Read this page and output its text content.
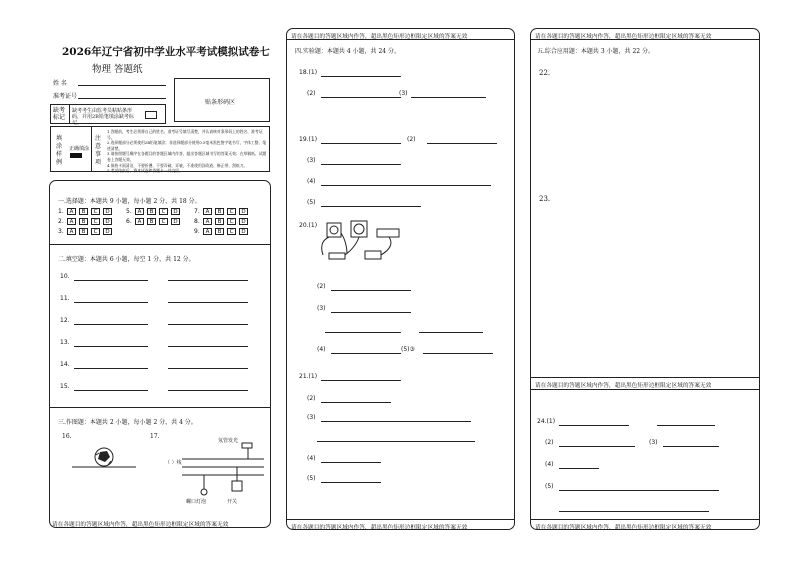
2026年辽宁省初中学业水平考试模拟试卷七
物理 答题纸
姓 名
准考证号
缺考标记
缺考考生由监考员粘贴条形码，并用2B铅笔填涂缺考标记。
贴条形码区
填涂样例
正确填涂
注意事项
1.答题前，考生必须将自己的姓名、准考证号填写清楚，并认真核对条形码上的姓名、准考证号。
2.选择题部分必须使用2B铅笔填涂；非选择题部分使用0.5毫米黑色签字笔书写，字体工整、笔迹清楚。
3.请按照题号顺序在各题目的答题区域内作答，超出答题区域书写的答案无效；在草稿纸、试题卷上答题无效。
4.保持卡面清洁，不要折叠、不要弄破、弄皱，不准使用涂改液、修正带、刮纸刀。
5.考试结束后，将本试卷和答题卡一并交回。
一.选择题：本题共 9 小题，每小题 2 分，共 18 分。
1.	A	B	C	D	5.	A	B	C	D	7.	A	B	C	D
2.	A	B	C	D	6.	A	B	C	D	8.	A	B	C	D
3.	A	B	C	D	9.	A	B	C	D
二.填空题：本题共 6 小题，每空 1 分，共 12 分。
三.作图题：本题共 2 小题，每小题 2 分，共 4 分。
16.	17.
氖管发光
（ ）线
螺口灯泡	开关
10.
11.
12.
13.
14.
15.
请在各题目的答题区域内作答，超出黑色矩形边框限定区域的答案无效
请在各题目的答题区域内作答，超出黑色矩形边框限定区域的答案无效
四.实验题：本题共 4 小题，共 24 分。
请在各题目的答题区域内作答，超出黑色矩形边框限定区域的答案无效
18.(1)
(2)	(3)
19.(1)	(2)
(3)
(4)
(5)
20.(1)
(2)
(3)
(4)	(5)③
21.(1)
(2)
(3)
(4)
(5)
请在各题目的答题区域内作答，超出黑色矩形边框限定区域的答案无效
五.综合应用题：本题共 3 小题，共 22 分。
22.
23.
请在各题目的答题区域内作答，超出黑色矩形边框限定区域的答案无效
请在各题目的答题区域内作答，超出黑色矩形边框限定区域的答案无效
24.(1)
(2)	(3)
(4)
(5)
